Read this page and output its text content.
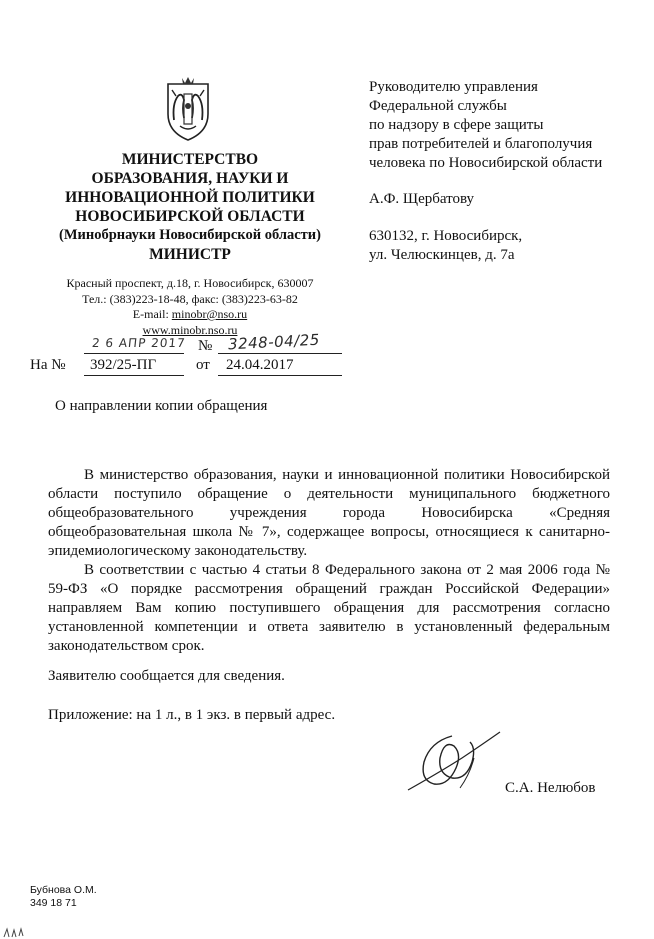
МИНИСТЕРСТВО
ОБРАЗОВАНИЯ, НАУКИ И
ИННОВАЦИОННОЙ ПОЛИТИКИ
НОВОСИБИРСКОЙ ОБЛАСТИ
(Минобрнауки Новосибирской области)
МИНИСТР
Красный проспект, д.18, г. Новосибирск, 630007
Тел.: (383)223-18-48, факс: (383)223-63-82
E-mail: minobr@nso.ru
www.minobr.nso.ru
2 6 АПР 2017 № 3248-04/25
На № 392/25-ПГ	от 24.04.2017
О направлении копии обращения
Руководителю управления
Федеральной службы
по надзору в сфере защиты
прав потребителей и благополучия
человека по Новосибирской области
А.Ф. Щербатову
630132, г. Новосибирск,
ул. Челюскинцев, д. 7а

В министерство образования, науки и инновационной политики Новосибирской области поступило обращение о деятельности муниципального бюджетного общеобразовательного учреждения города Новосибирска «Средняя общеобразовательная школа № 7», содержащее вопросы, относящиеся к санитарно-эпидемиологическому законодательству.

В соответствии с частью 4 статьи 8 Федерального закона от 2 мая 2006 года № 59-ФЗ «О порядке рассмотрения обращений граждан Российской Федерации» направляем Вам копию поступившего обращения для рассмотрения согласно установленной компетенции и ответа заявителю в установленный федеральным законодательством срок.

Заявителю сообщается для сведения.
Приложение: на 1 л., в 1 экз. в первый адрес.
С.А. Нелюбов
Бубнова О.М.
349 18 71
